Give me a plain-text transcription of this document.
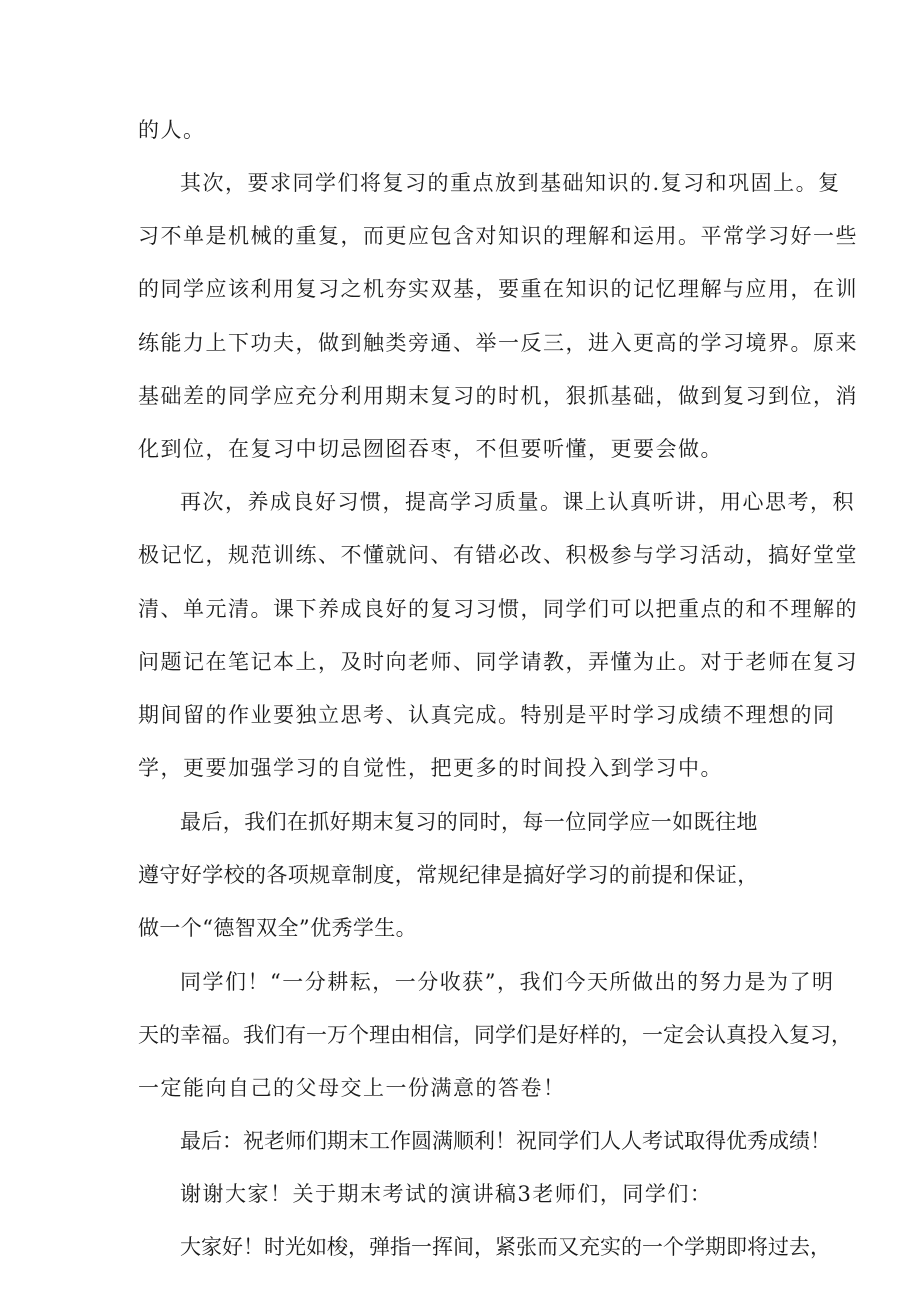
的人。
其次，要求同学们将复习的重点放到基础知识的.复习和巩固上。复
习不单是机械的重复，而更应包含对知识的理解和运用。平常学习好一些
的同学应该利用复习之机夯实双基，要重在知识的记忆理解与应用，在训
练能力上下功夫，做到触类旁通、举一反三，进入更高的学习境界。原来
基础差的同学应充分利用期末复习的时机，狠抓基础，做到复习到位，消
化到位，在复习中切忌囫囵吞枣，不但要听懂，更要会做。
再次，养成良好习惯，提高学习质量。课上认真听讲，用心思考，积
极记忆，规范训练、不懂就问、有错必改、积极参与学习活动，搞好堂堂
清、单元清。课下养成良好的复习习惯，同学们可以把重点的和不理解的
问题记在笔记本上，及时向老师、同学请教，弄懂为止。对于老师在复习
期间留的作业要独立思考、认真完成。特别是平时学习成绩不理想的同
学，更要加强学习的自觉性，把更多的时间投入到学习中。
最后，我们在抓好期末复习的同时，每一位同学应一如既往地
遵守好学校的各项规章制度，常规纪律是搞好学习的前提和保证，
做一个“德智双全”优秀学生。
同学们！“一分耕耘，一分收获”，我们今天所做出的努力是为了明
天的幸福。我们有一万个理由相信，同学们是好样的，一定会认真投入复习，
一定能向自己的父母交上一份满意的答卷！
最后：祝老师们期末工作圆满顺利！祝同学们人人考试取得优秀成绩！
谢谢大家！关于期末考试的演讲稿3老师们，同学们：
大家好！时光如梭，弹指一挥间，紧张而又充实的一个学期即将过去，
